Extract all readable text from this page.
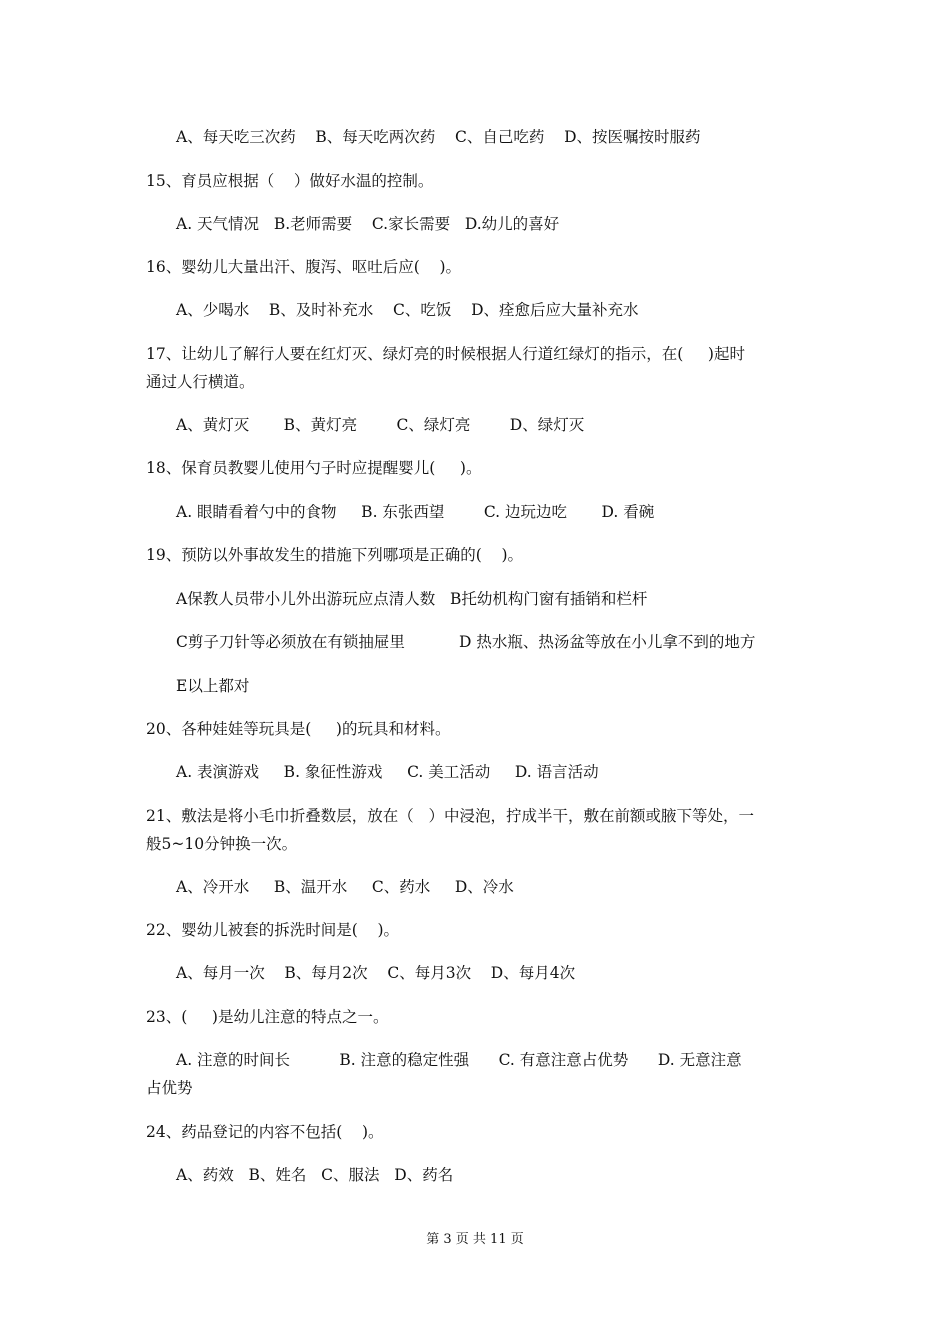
A、每天吃三次药    B、每天吃两次药    C、自己吃药    D、按医嘱按时服药
15、育员应根据（    ）做好水温的控制。
A. 天气情况   B.老师需要    C.家长需要   D.幼儿的喜好
16、婴幼儿大量出汗、腹泻、呕吐后应(    )。
A、少喝水    B、及时补充水    C、吃饭    D、痊愈后应大量补充水
17、让幼儿了解行人要在红灯灭、绿灯亮的时候根据人行道红绿灯的指示，在(     )起时
通过人行横道。
A、黄灯灭       B、黄灯亮        C、绿灯亮        D、绿灯灭
18、保育员教婴儿使用勺子时应提醒婴儿(     )。
A. 眼睛看着勺中的食物     B. 东张西望        C. 边玩边吃       D. 看碗
19、预防以外事故发生的措施下列哪项是正确的(    )。
A保教人员带小儿外出游玩应点清人数   B托幼机构门窗有插销和栏杆
C剪子刀针等必须放在有锁抽屉里           D 热水瓶、热汤盆等放在小儿拿不到的地方
E以上都对
20、各种娃娃等玩具是(     )的玩具和材料。
A. 表演游戏     B. 象征性游戏     C. 美工活动     D. 语言活动
21、敷法是将小毛巾折叠数层，放在（   ）中浸泡，拧成半干，敷在前额或腋下等处，一
般5~10分钟换一次。
A、冷开水     B、温开水     C、药水     D、冷水
22、婴幼儿被套的拆洗时间是(    )。
A、每月一次    B、每月2次    C、每月3次    D、每月4次
23、(     )是幼儿注意的特点之一。
A. 注意的时间长          B. 注意的稳定性强      C. 有意注意占优势      D. 无意注意
占优势
24、药品登记的内容不包括(    )。
A、药效   B、姓名   C、服法   D、药名
第 3 页 共 11 页
